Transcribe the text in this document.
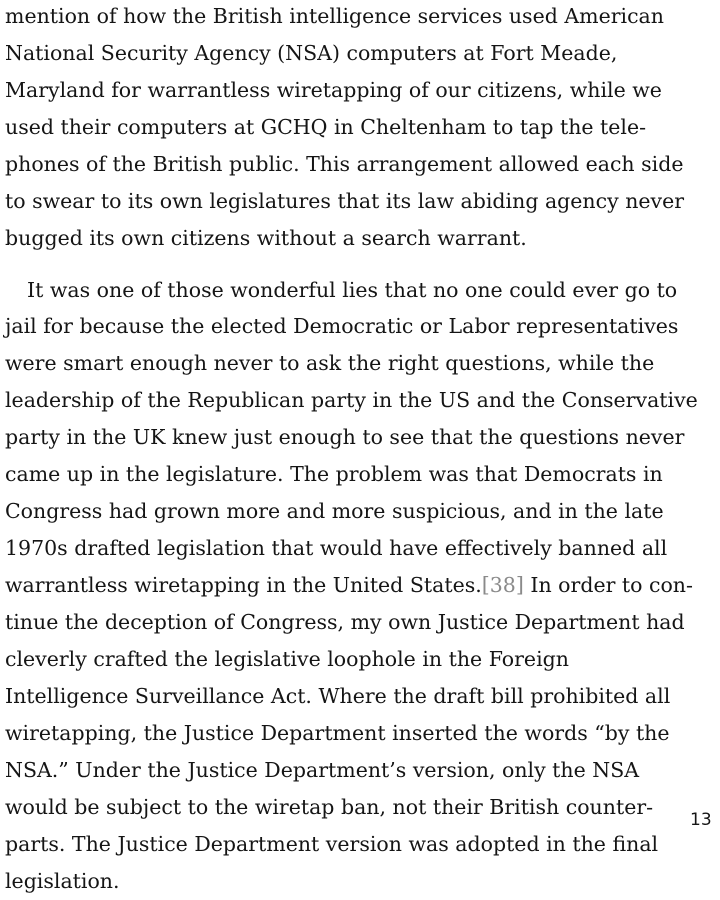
mention of how the British intelligence services used American

National Security Agency (NSA) computers at Fort Meade,

Maryland for warrantless wiretapping of our citizens, while we

used their computers at GCHQ in Cheltenham to tap the tele-

phones of the British public. This arrangement allowed each side

to swear to its own legislatures that its law abiding agency never

bugged its own citizens without a search warrant.

It was one of those wonderful lies that no one could ever go to

jail for because the elected Democratic or Labor representatives

were smart enough never to ask the right questions, while the

leadership of the Republican party in the US and the Conservative

party in the UK knew just enough to see that the questions never

came up in the legislature. The problem was that Democrats in

Congress had grown more and more suspicious, and in the late

1970s drafted legislation that would have effectively banned all

warrantless wiretapping in the United States.[38] In order to con-

tinue the deception of Congress, my own Justice Department had

cleverly crafted the legislative loophole in the Foreign

Intelligence Surveillance Act. Where the draft bill prohibited all

wiretapping, the Justice Department inserted the words “by the

NSA.” Under the Justice Department’s version, only the NSA

would be subject to the wiretap ban, not their British counter-

parts. The Justice Department version was adopted in the final

legislation.

13
